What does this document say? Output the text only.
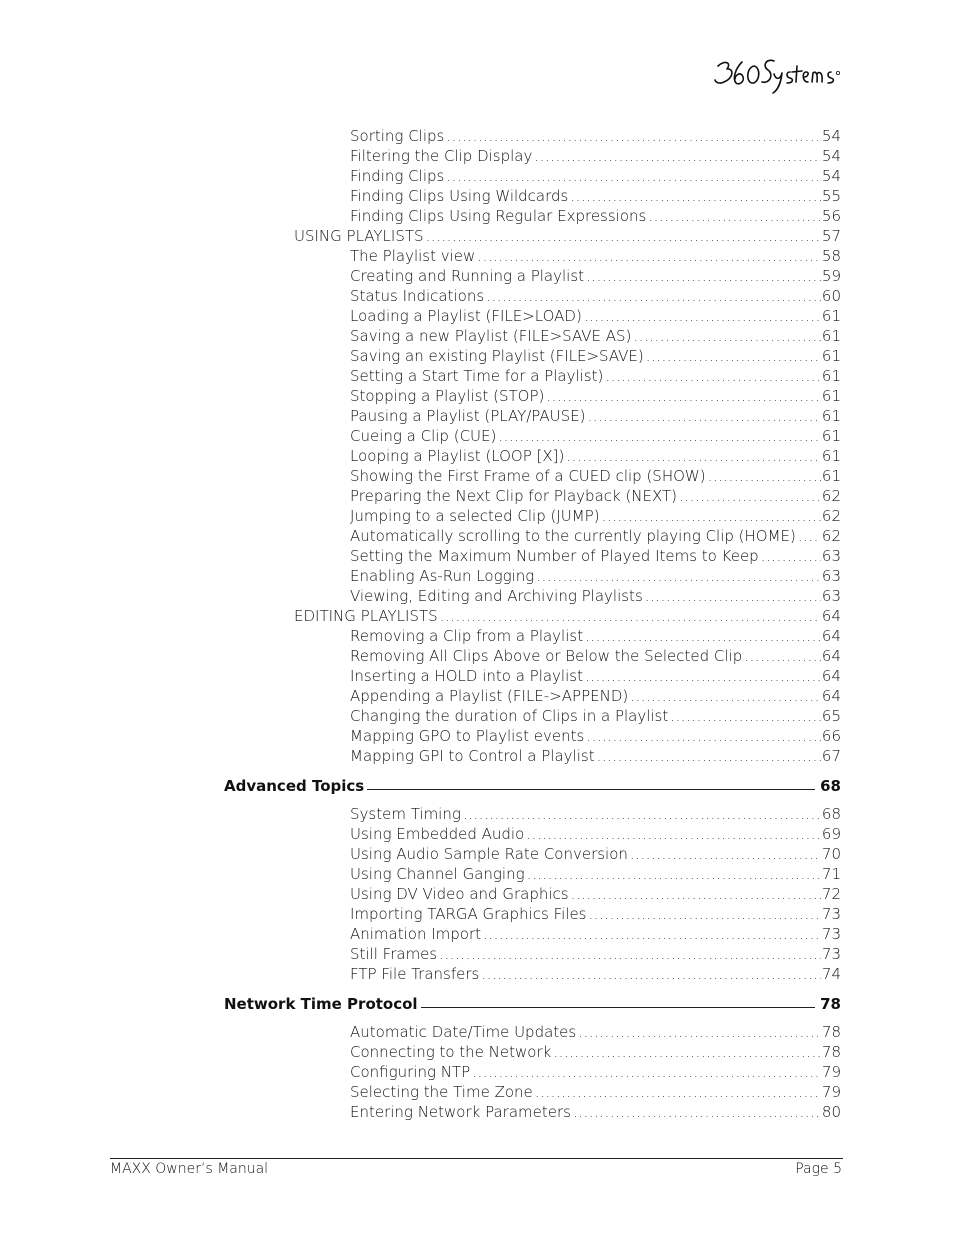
Sorting Clips .....	54
Filtering the Clip Display .....	54
Finding Clips .....	54
Finding Clips Using Wildcards .....	55
Finding Clips Using Regular Expressions .....	56
USING PLAYLISTS .....	57
The Playlist view .....	58
Creating and Running a Playlist .....	59
Status Indications .....	60
Loading a Playlist (FILE>LOAD) .....	61
Saving a new Playlist (FILE>SAVE AS) .....	61
Saving an existing Playlist (FILE>SAVE) .....	61
Setting a Start Time for a Playlist) .....	61
Stopping a Playlist (STOP) .....	61
Pausing a Playlist (PLAY/PAUSE) .....	61
Cueing a Clip (CUE) .....	61
Looping a Playlist (LOOP [X]) .....	61
Showing the First Frame of a CUED clip (SHOW) .....	61
Preparing the Next Clip for Playback (NEXT) .....	62
Jumping to a selected Clip (JUMP) .....	62
Automatically scrolling to the currently playing Clip (HOME) ..... 62
Setting the Maximum Number of Played Items to Keep .....	63
Enabling As-Run Logging .....	63
Viewing, Editing and Archiving Playlists .....	63
EDITING PLAYLISTS .....	64
Removing a Clip from a Playlist .....	64
Removing All Clips Above or Below the Selected Clip .....	64
Inserting a HOLD into a Playlist .....	64
Appending a Playlist (FILE->APPEND) .....	64
Changing the duration of Clips in a Playlist .....	65
Mapping GPO to Playlist events .....	66
Mapping GPI to Control a Playlist .....	67
Advanced Topics	68
System Timing .....	68
Using Embedded Audio .....	69
Using Audio Sample Rate Conversion .....	70
Using Channel Ganging .....	71
Using DV Video and Graphics .....	72
Importing TARGA Graphics Files .....	73
Animation Import .....	73
Still Frames .....	73
FTP File Transfers .....	74
Network Time Protocol	78
Automatic Date/Time Updates .....	78
Connecting to the Network .....	78
Configuring NTP .....	79
Selecting the Time Zone .....	79
Entering Network Parameters .....	80
MAXX Owner’s Manual	Page 5
